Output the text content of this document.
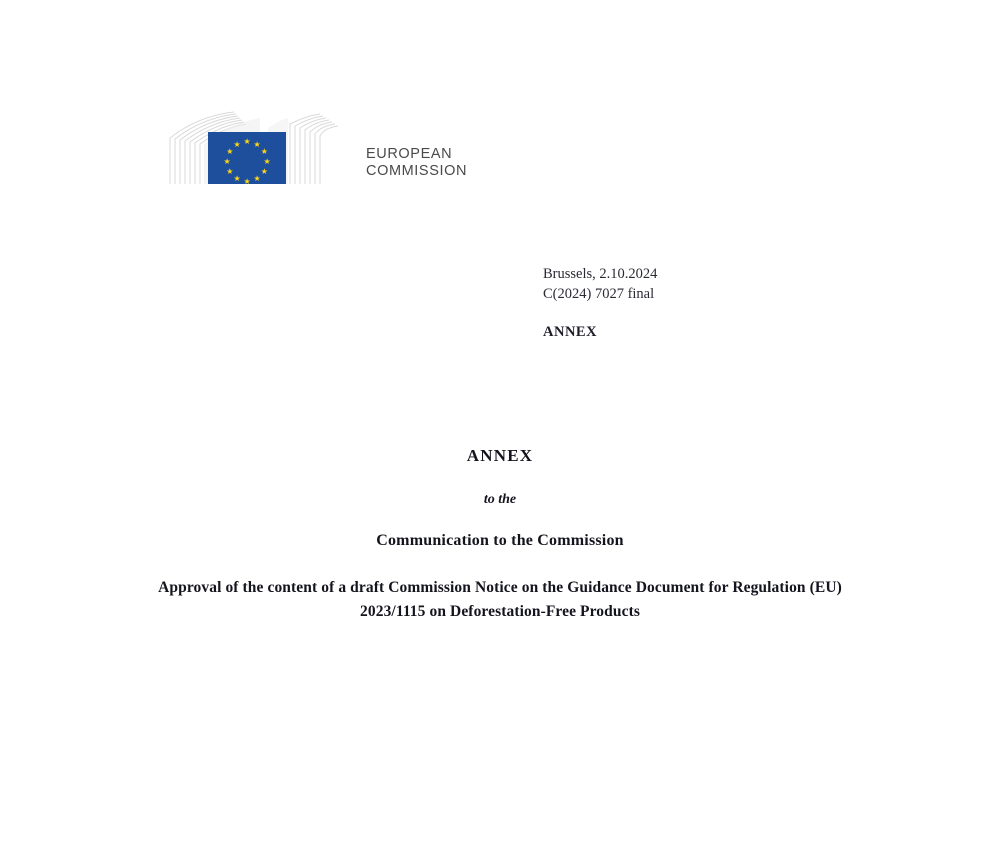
★ ★
★
★
★
★
★
★
★
★
★
★
EUROPEAN
COMMISSION
Brussels, 2.10.2024
C(2024) 7027 final
ANNEX
ANNEX
to the
Communication to the Commission
Approval of the content of a draft Commission Notice on the Guidance Document for Regulation (EU) 2023/1115 on Deforestation-Free Products
